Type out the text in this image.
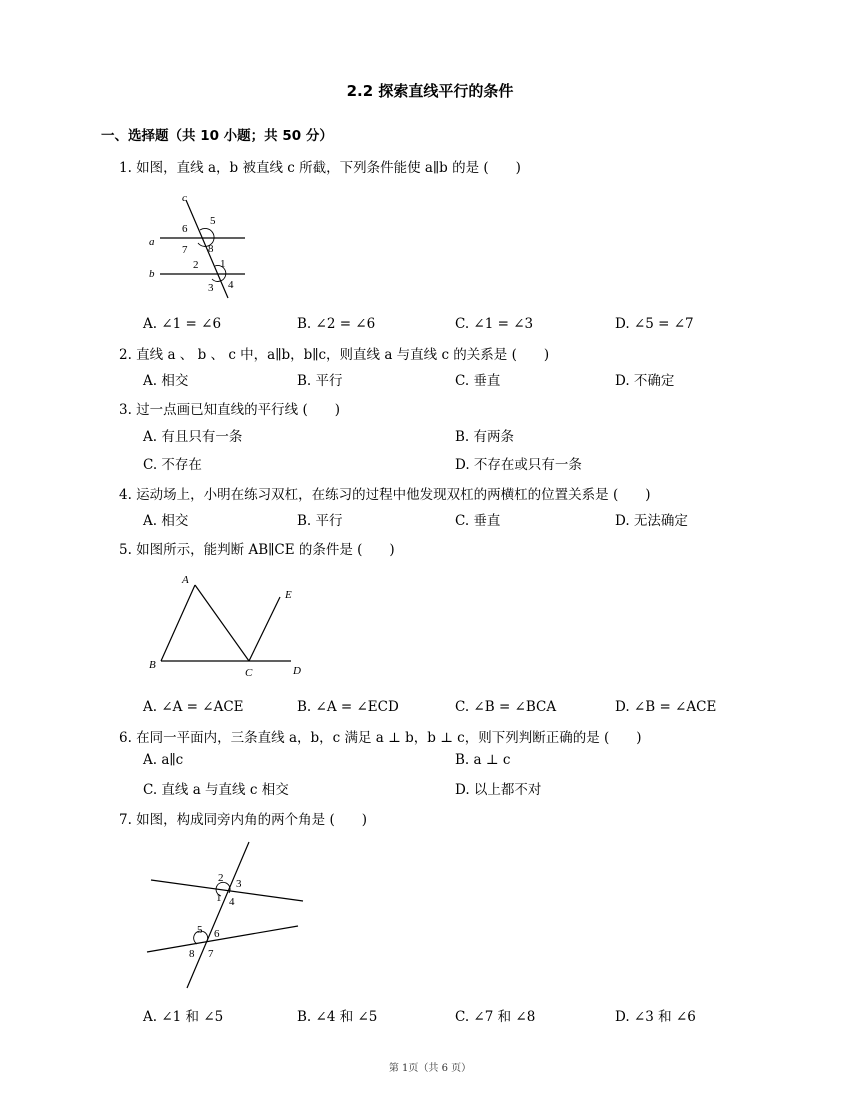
2.2 探索直线平行的条件
一、选择题（共 10 小题；共 50 分）
1. 如图，直线 a，b 被直线 c 所截，下列条件能使 a∥b 的是 (　　)
c
a
b
5
6
7 8
2 1
3 4
A. ∠1 = ∠6	B. ∠2 = ∠6	C. ∠1 = ∠3	D. ∠5 = ∠7
2. 直线 a 、 b 、 c 中，a∥b，b∥c，则直线 a 与直线 c 的关系是 (　　)
A. 相交	B. 平行	C. 垂直	D. 不确定
3. 过一点画已知直线的平行线 (　　)
A. 有且只有一条	B. 有两条
C. 不存在	D. 不存在或只有一条
4. 运动场上，小明在练习双杠，在练习的过程中他发现双杠的两横杠的位置关系是 (　　)
A. 相交	B. 平行	C. 垂直	D. 无法确定
5. 如图所示，能判断 AB∥CE 的条件是 (　　)
A
E
B
C	D
A. ∠A = ∠ACE	B. ∠A = ∠ECD	C. ∠B = ∠BCA	D. ∠B = ∠ACE
6. 在同一平面内，三条直线 a，b，c 满足 a ⊥ b，b ⊥ c，则下列判断正确的是 (　　)
A. a∥c	B. a ⊥ c
C. 直线 a 与直线 c 相交	D. 以上都不对
7. 如图，构成同旁内角的两个角是 (　　)
2 3
1 4
5 6
8 7
A. ∠1 和 ∠5	B. ∠4 和 ∠5	C. ∠7 和 ∠8	D. ∠3 和 ∠6
第 1页（共 6 页）
